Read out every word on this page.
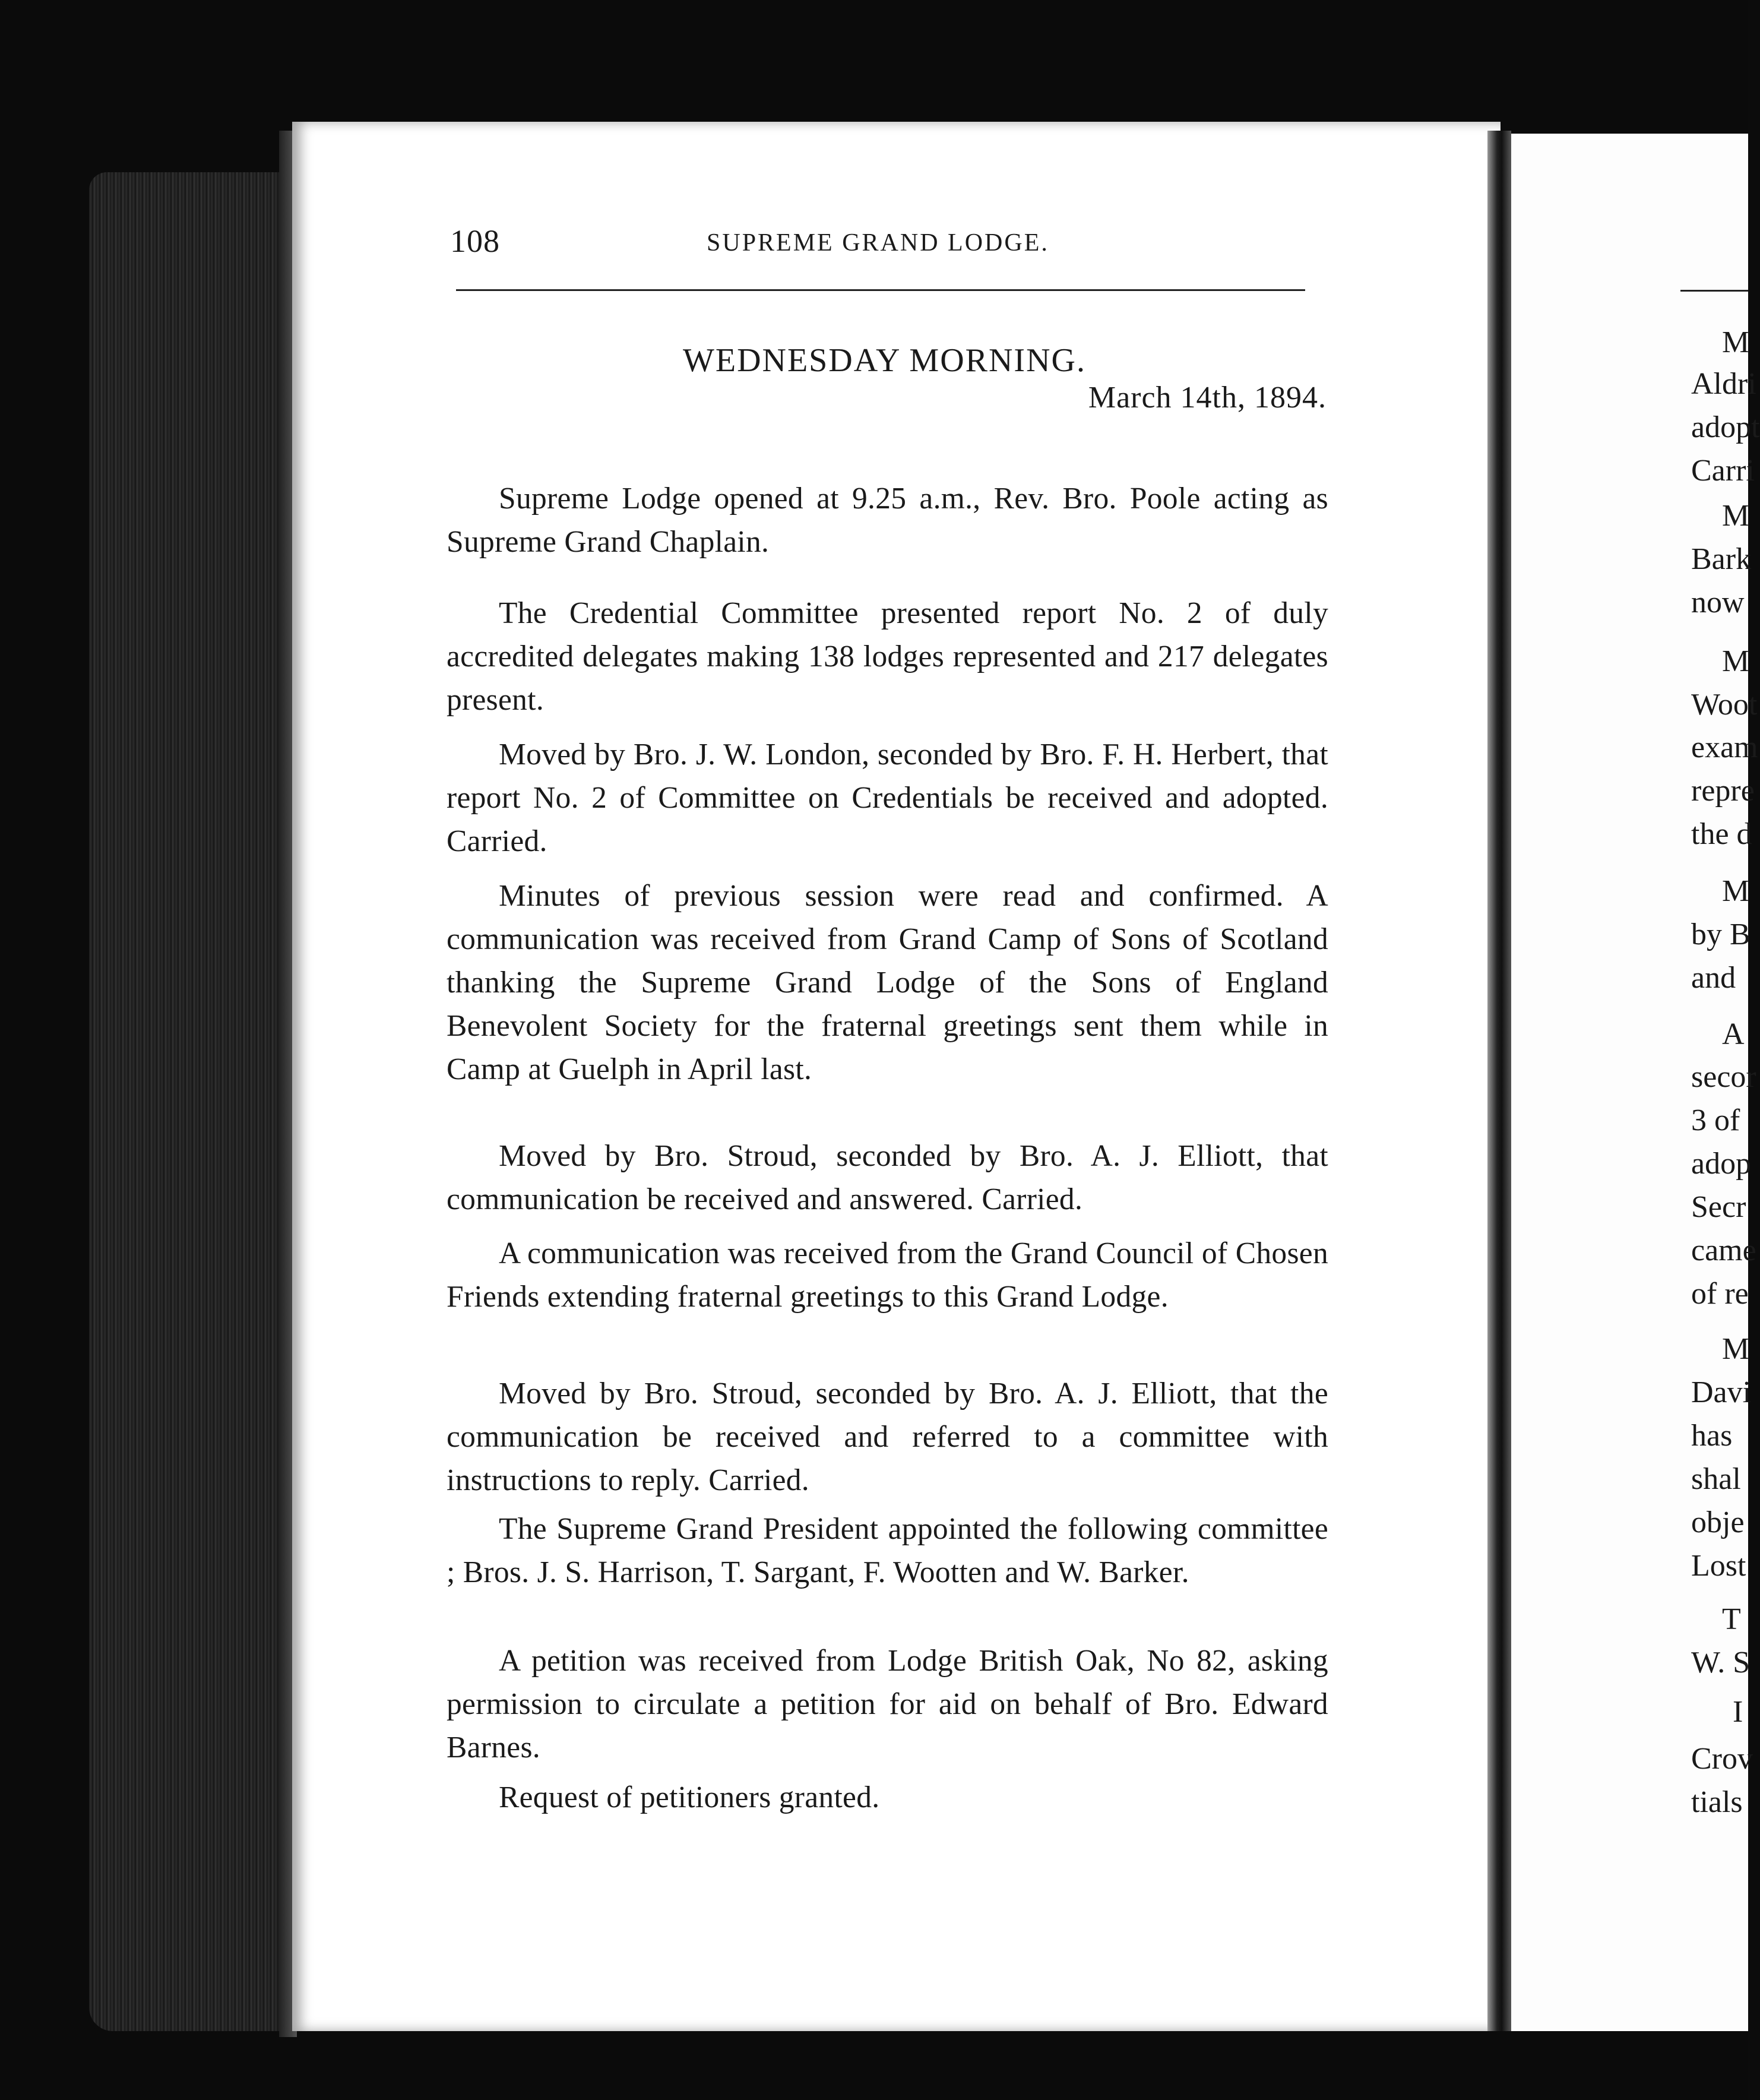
108	SUPREME GRAND LODGE.
WEDNESDAY MORNING.
March 14th, 1894.

Supreme Lodge opened at 9.25 a.m., Rev. Bro. Poole acting as Supreme Grand Chaplain.

The Credential Committee presented report No. 2 of duly accredited delegates making 138 lodges represented and 217 delegates present.

Moved by Bro. J. W. London, seconded by Bro. F. H. Herbert, that report No. 2 of Committee on Credentials be received and adopted. Carried.

Minutes of previous session were read and confirmed. A communication was received from Grand Camp of Sons of Scotland thanking the Supreme Grand Lodge of the Sons of England Benevolent Society for the fraternal greetings sent them while in Camp at Guelph in April last.

Moved by Bro. Stroud, seconded by Bro. A. J. Elliott, that communication be received and answered. Carried.

A communication was received from the Grand Council of Chosen Friends extending fraternal greetings to this Grand Lodge.

Moved by Bro. Stroud, seconded by Bro. A. J. Elliott, that the communication be received and referred to a committee with instructions to reply. Carried.

The Supreme Grand President appointed the following committee ; Bros. J. S. Harrison, T. Sargant, F. Wootten and W. Barker.

A petition was received from Lodge British Oak, No 82, asking permission to circulate a petition for aid on behalf of Bro. Edward Barnes.

Request of petitioners granted.

M
Aldri
adopt
Carri
M
Bark
now
M
Woot
exam
repre
the d
M
by B
and
A
secor
3 of
adop
Secr
came
of re
M
Davi
has
shal
obje
Lost
T
W. S
I
Crov
tials
